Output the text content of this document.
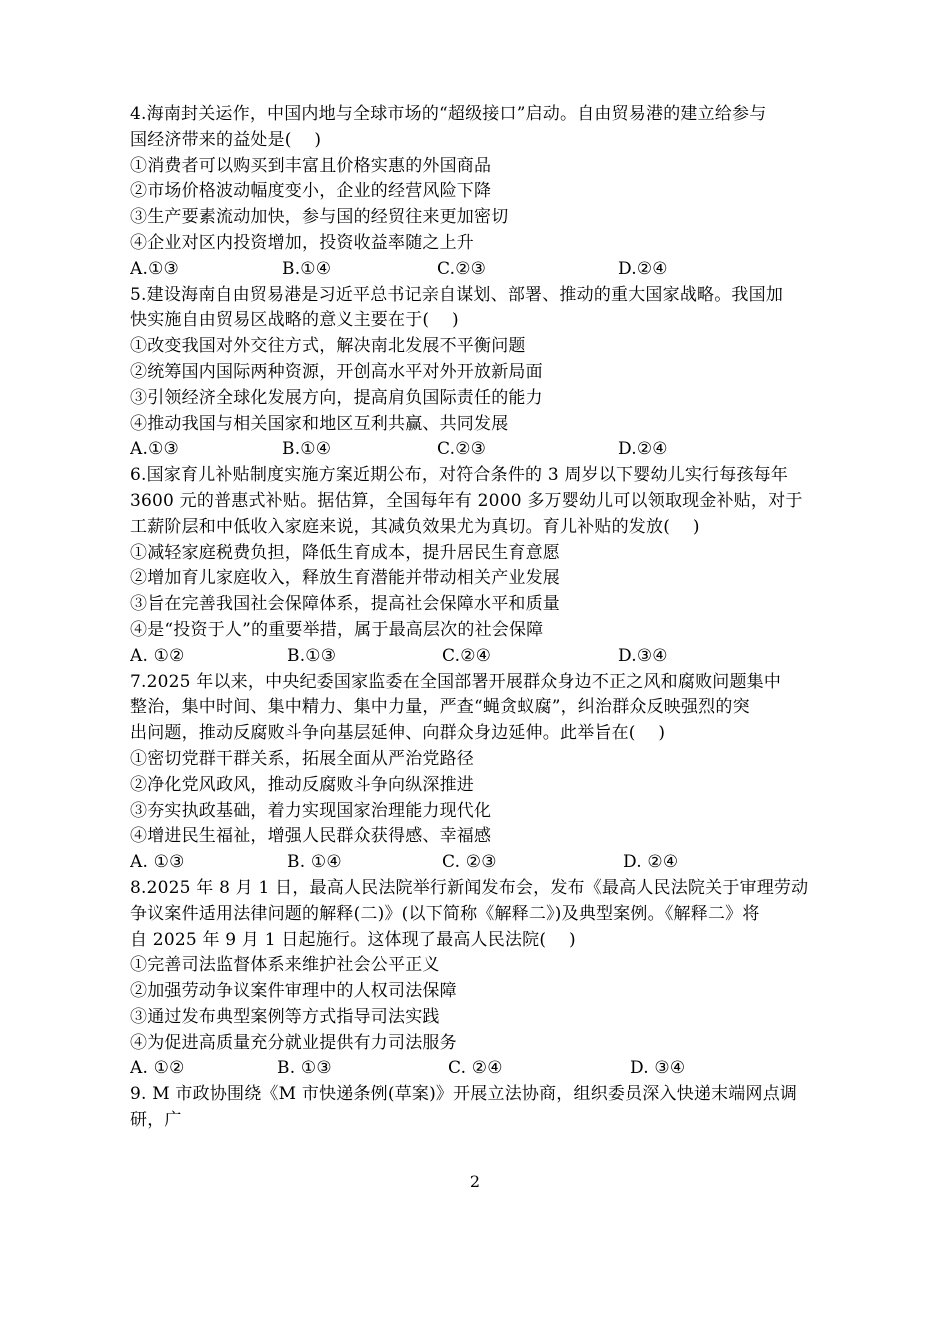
4.海南封关运作，中国内地与全球市场的“超级接口”启动。自由贸易港的建立给参与
国经济带来的益处是(　 )
①消费者可以购买到丰富且价格实惠的外国商品
②市场价格波动幅度变小，企业的经营风险下降
③生产要素流动加快，参与国的经贸往来更加密切
④企业对区内投资增加，投资收益率随之上升
A.①③	B.①④	C.②③	D.②④
5.建设海南自由贸易港是习近平总书记亲自谋划、部署、推动的重大国家战略。我国加
快实施自由贸易区战略的意义主要在于(　 )
①改变我国对外交往方式，解决南北发展不平衡问题
②统筹国内国际两种资源，开创高水平对外开放新局面
③引领经济全球化发展方向，提高肩负国际责任的能力
④推动我国与相关国家和地区互利共赢、共同发展
A.①③	B.①④	C.②③	D.②④
6.国家育儿补贴制度实施方案近期公布，对符合条件的 3 周岁以下婴幼儿实行每孩每年
3600 元的普惠式补贴。据估算，全国每年有 2000 多万婴幼儿可以领取现金补贴，对于
工薪阶层和中低收入家庭来说，其减负效果尤为真切。育儿补贴的发放(　 )
①减轻家庭税费负担，降低生育成本，提升居民生育意愿
②增加育儿家庭收入，释放生育潜能并带动相关产业发展
③旨在完善我国社会保障体系，提高社会保障水平和质量
④是“投资于人”的重要举措，属于最高层次的社会保障
A. ①②	B.①③	C.②④	D.③④
7.2025 年以来，中央纪委国家监委在全国部署开展群众身边不正之风和腐败问题集中
整治，集中时间、集中精力、集中力量，严查“蝇贪蚁腐”，纠治群众反映强烈的突
出问题，推动反腐败斗争向基层延伸、向群众身边延伸。此举旨在(　 )
①密切党群干群关系，拓展全面从严治党路径
②净化党风政风，推动反腐败斗争向纵深推进
③夯实执政基础，着力实现国家治理能力现代化
④增进民生福祉，增强人民群众获得感、幸福感
A. ①③	B. ①④	C. ②③	D. ②④
8.2025 年 8 月 1 日，最高人民法院举行新闻发布会，发布《最高人民法院关于审理劳动
争议案件适用法律问题的解释(二)》(以下简称《解释二》)及典型案例。《解释二》将
自 2025 年 9 月 1 日起施行。这体现了最高人民法院(　 )
①完善司法监督体系来维护社会公平正义
②加强劳动争议案件审理中的人权司法保障
③通过发布典型案例等方式指导司法实践
④为促进高质量充分就业提供有力司法服务
A. ①②	B. ①③	C. ②④	D. ③④
9. M 市政协围绕《M 市快递条例(草案)》开展立法协商，组织委员深入快递末端网点调
研，广
2
